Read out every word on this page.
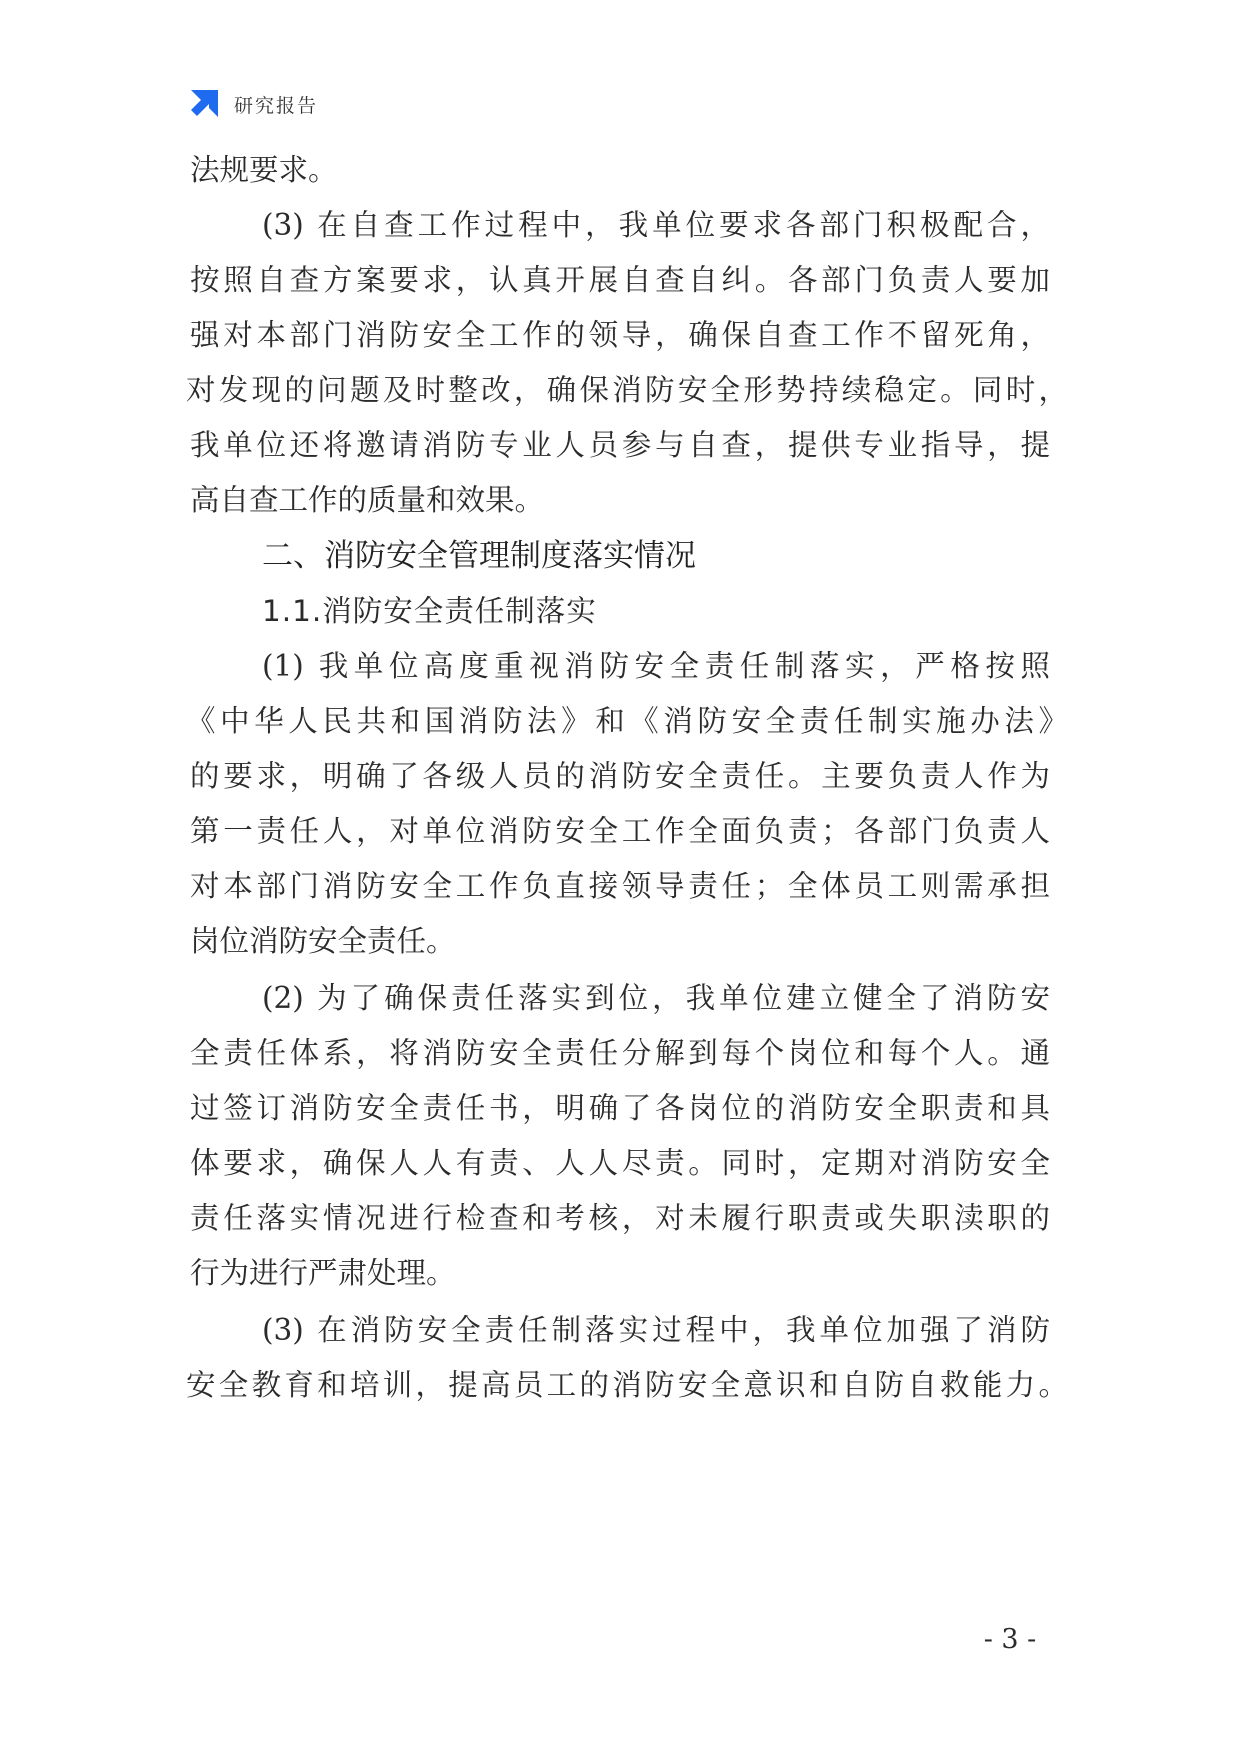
研究报告
法规要求。
(3) 在自查工作过程中，我单位要求各部门积极配合，
按照自查方案要求，认真开展自查自纠。各部门负责人要加
强对本部门消防安全工作的领导，确保自查工作不留死角，
对发现的问题及时整改，确保消防安全形势持续稳定。同时，
我单位还将邀请消防专业人员参与自查，提供专业指导，提
高自查工作的质量和效果。
二、消防安全管理制度落实情况
1.1.消防安全责任制落实
(1) 我单位高度重视消防安全责任制落实，严格按照
《中华人民共和国消防法》和《消防安全责任制实施办法》
的要求，明确了各级人员的消防安全责任。主要负责人作为
第一责任人，对单位消防安全工作全面负责；各部门负责人
对本部门消防安全工作负直接领导责任；全体员工则需承担
岗位消防安全责任。
(2) 为了确保责任落实到位，我单位建立健全了消防安
全责任体系，将消防安全责任分解到每个岗位和每个人。通
过签订消防安全责任书，明确了各岗位的消防安全职责和具
体要求，确保人人有责、人人尽责。同时，定期对消防安全
责任落实情况进行检查和考核，对未履行职责或失职渎职的
行为进行严肃处理。
(3) 在消防安全责任制落实过程中，我单位加强了消防
安全教育和培训，提高员工的消防安全意识和自防自救能力。
- 3 -
